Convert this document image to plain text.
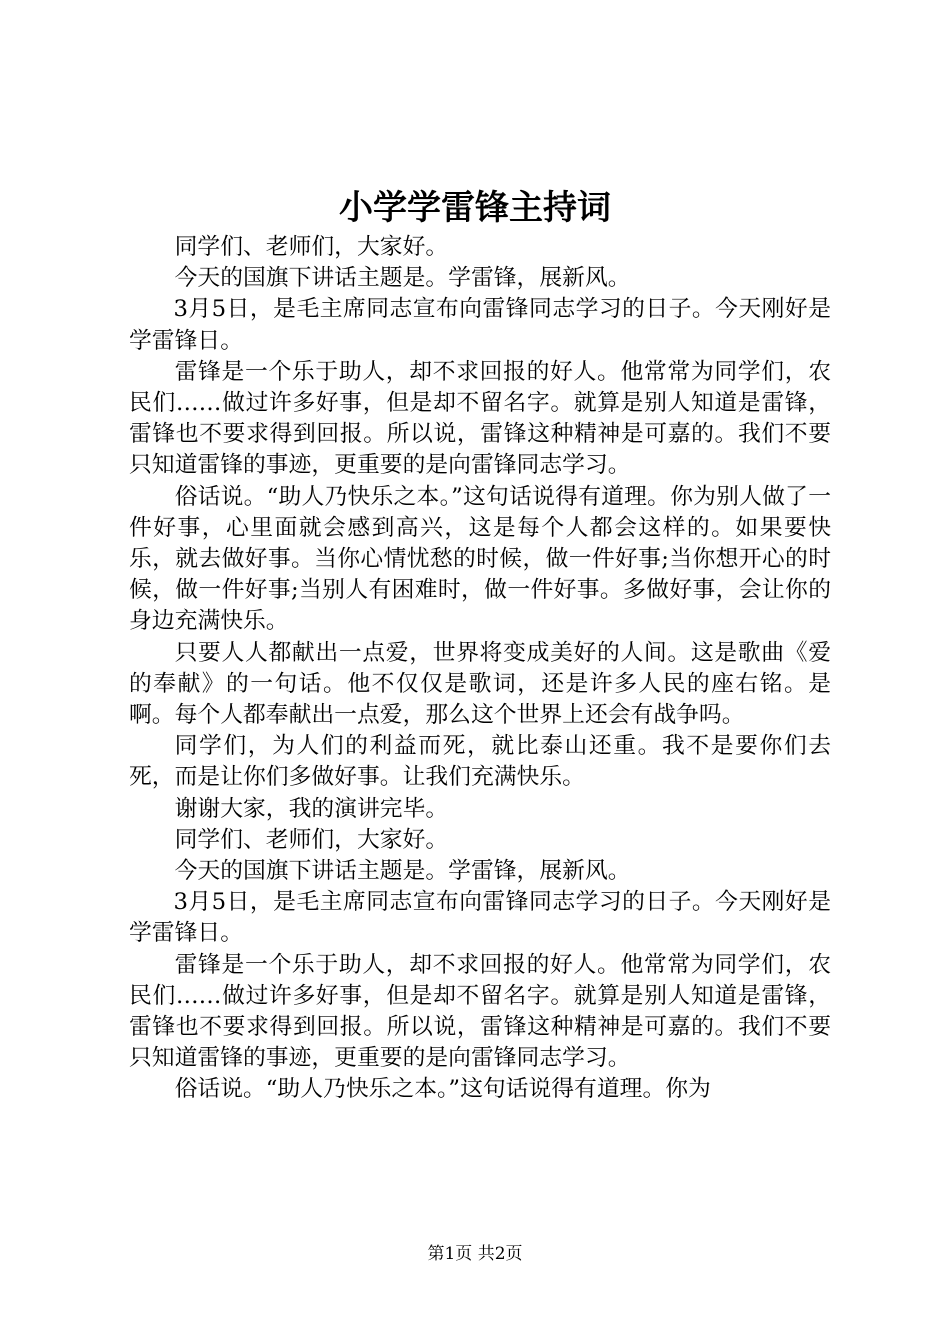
小学学雷锋主持词

同学们、老师们，大家好。

今天的国旗下讲话主题是。学雷锋，展新风。

3月5日，是毛主席同志宣布向雷锋同志学习的日子。今天刚好是学雷锋日。

雷锋是一个乐于助人，却不求回报的好人。他常常为同学们，农民们……做过许多好事，但是却不留名字。就算是别人知道是雷锋，雷锋也不要求得到回报。所以说，雷锋这种精神是可嘉的。我们不要只知道雷锋的事迹，更重要的是向雷锋同志学习。

俗话说。“助人乃快乐之本。”这句话说得有道理。你为别人做了一件好事，心里面就会感到高兴，这是每个人都会这样的。如果要快乐，就去做好事。当你心情忧愁的时候，做一件好事;当你想开心的时候，做一件好事;当别人有困难时，做一件好事。多做好事，会让你的身边充满快乐。

只要人人都献出一点爱，世界将变成美好的人间。这是歌曲《爱的奉献》的一句话。他不仅仅是歌词，还是许多人民的座右铭。是啊。每个人都奉献出一点爱，那么这个世界上还会有战争吗。

同学们，为人们的利益而死，就比泰山还重。我不是要你们去死，而是让你们多做好事。让我们充满快乐。

谢谢大家，我的演讲完毕。

同学们、老师们，大家好。

今天的国旗下讲话主题是。学雷锋，展新风。

3月5日，是毛主席同志宣布向雷锋同志学习的日子。今天刚好是学雷锋日。

雷锋是一个乐于助人，却不求回报的好人。他常常为同学们，农民们……做过许多好事，但是却不留名字。就算是别人知道是雷锋，雷锋也不要求得到回报。所以说，雷锋这种精神是可嘉的。我们不要只知道雷锋的事迹，更重要的是向雷锋同志学习。

俗话说。“助人乃快乐之本。”这句话说得有道理。你为

第1页 共2页
